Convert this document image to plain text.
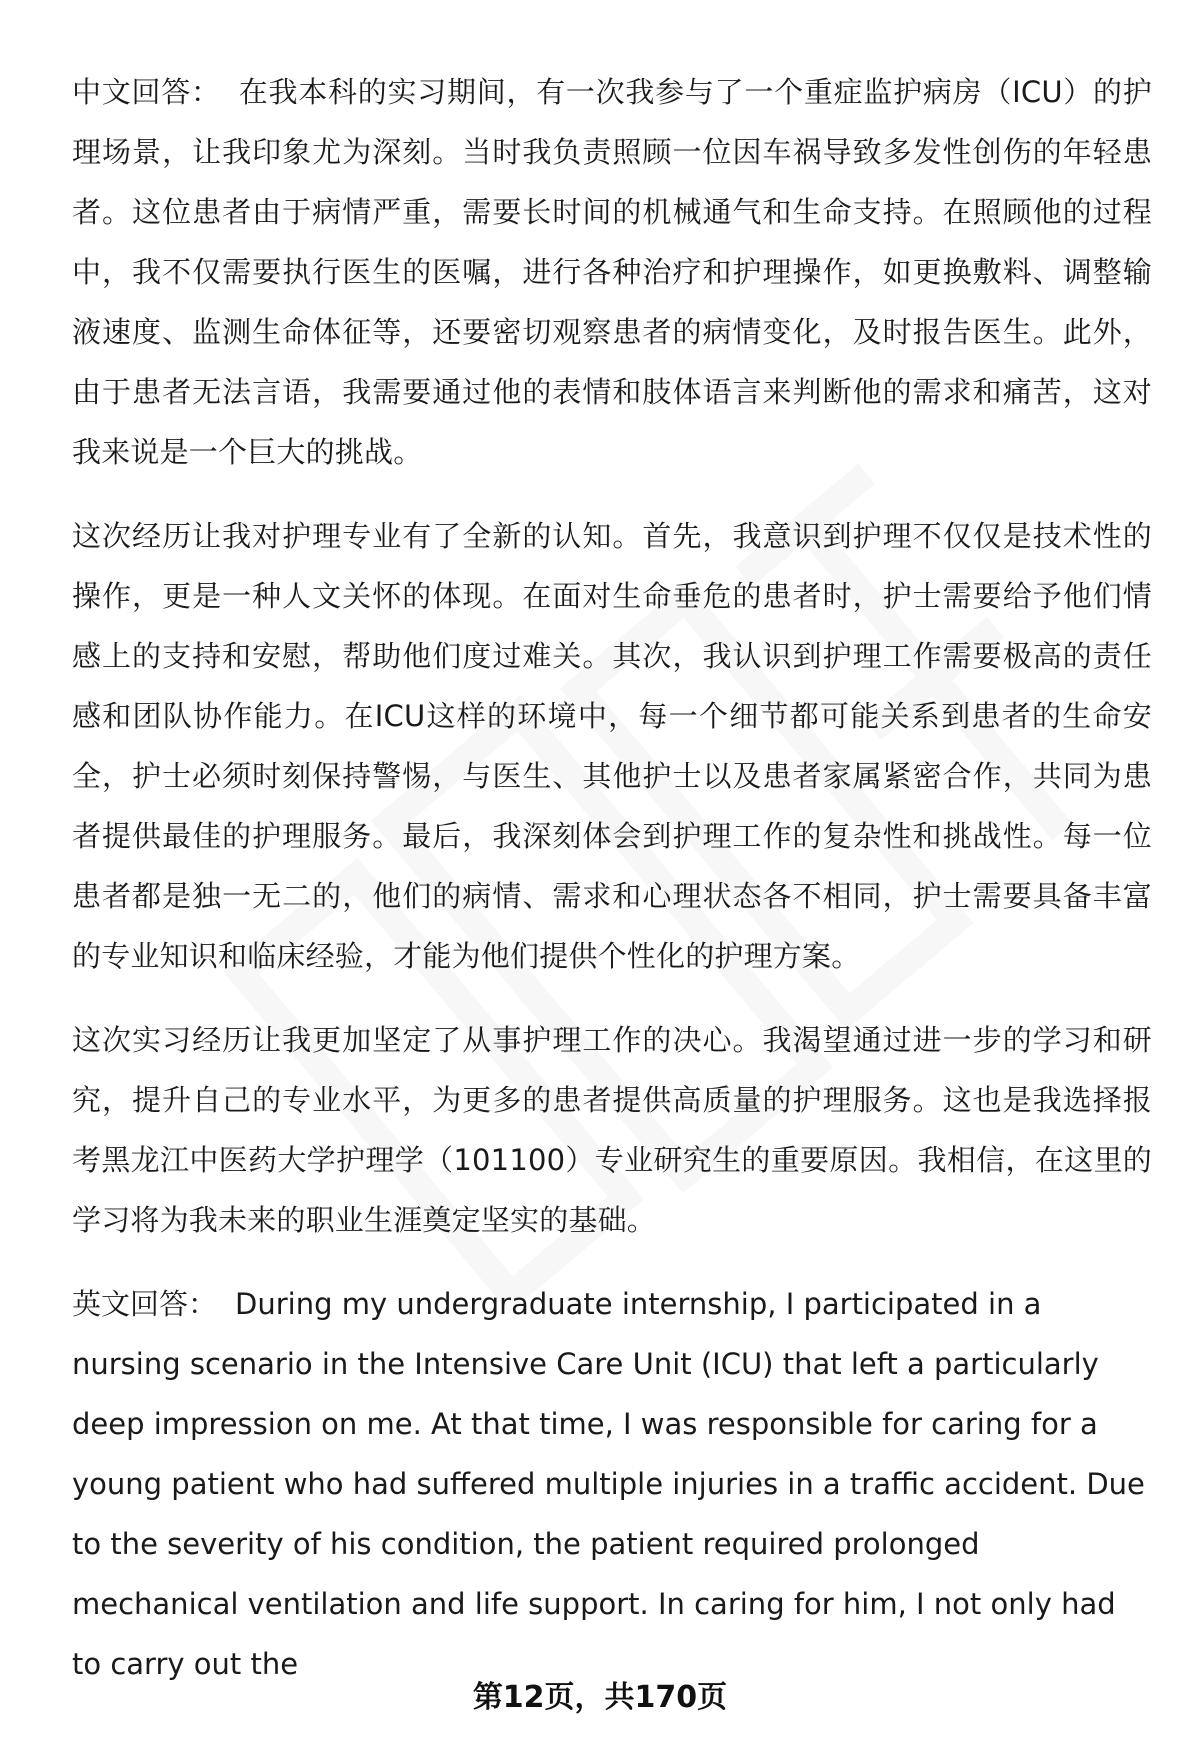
中文回答： 在我本科的实习期间，有一次我参与了一个重症监护病房（ICU）的护理场景，让我印象尤为深刻。当时我负责照顾一位因车祸导致多发性创伤的年轻患者。这位患者由于病情严重，需要长时间的机械通气和生命支持。在照顾他的过程中，我不仅需要执行医生的医嘱，进行各种治疗和护理操作，如更换敷料、调整输液速度、监测生命体征等，还要密切观察患者的病情变化，及时报告医生。此外，由于患者无法言语，我需要通过他的表情和肢体语言来判断他的需求和痛苦，这对我来说是一个巨大的挑战。

这次经历让我对护理专业有了全新的认知。首先，我意识到护理不仅仅是技术性的操作，更是一种人文关怀的体现。在面对生命垂危的患者时，护士需要给予他们情感上的支持和安慰，帮助他们度过难关。其次，我认识到护理工作需要极高的责任感和团队协作能力。在ICU这样的环境中，每一个细节都可能关系到患者的生命安全，护士必须时刻保持警惕，与医生、其他护士以及患者家属紧密合作，共同为患者提供最佳的护理服务。最后，我深刻体会到护理工作的复杂性和挑战性。每一位患者都是独一无二的，他们的病情、需求和心理状态各不相同，护士需要具备丰富的专业知识和临床经验，才能为他们提供个性化的护理方案。

这次实习经历让我更加坚定了从事护理工作的决心。我渴望通过进一步的学习和研究，提升自己的专业水平，为更多的患者提供高质量的护理服务。这也是我选择报考黑龙江中医药大学护理学（101100）专业研究生的重要原因。我相信，在这里的学习将为我未来的职业生涯奠定坚实的基础。

英文回答： During my undergraduate internship, I participated in a nursing scenario in the Intensive Care Unit (ICU) that left a particularly deep impression on me. At that time, I was responsible for caring for a young patient who had suffered multiple injuries in a traffic accident. Due to the severity of his condition, the patient required prolonged mechanical ventilation and life support. In caring for him, I not only had to carry out the

第12页，共170页
